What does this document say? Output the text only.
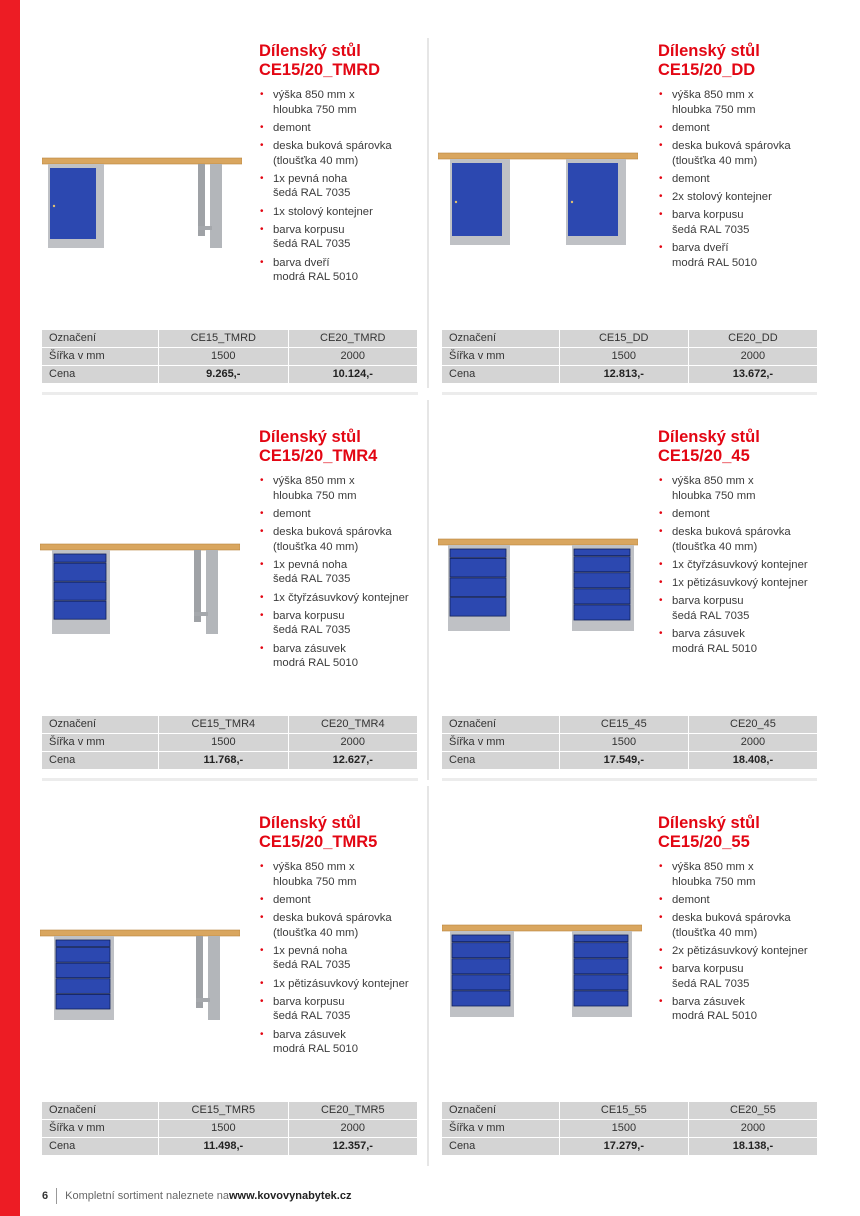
Dílenský stůl
CE15/20_TMRD
• výška 850 mm x
hloubka 750 mm
• demont
• deska buková spárovka
(tloušťka 40 mm)
• 1x pevná noha
šedá RAL 7035
• 1x stolový kontejner
• barva korpusu
šedá RAL 7035
• barva dveří
modrá RAL 5010
Dílenský stůl
CE15/20_DD
• výška 850 mm x
hloubka 750 mm
• demont
• deska buková spárovka
(tloušťka 40 mm)
• demont
• 2x stolový kontejner
• barva korpusu
šedá RAL 7035
• barva dveří
modrá RAL 5010
Dílenský stůl
CE15/20_TMR4
• výška 850 mm x
hloubka 750 mm
• demont
• deska buková spárovka
(tloušťka 40 mm)
• 1x pevná noha
šedá RAL 7035
• 1x čtyřzásuvkový kontejner
• barva korpusu
šedá RAL 7035
• barva zásuvek
modrá RAL 5010
Dílenský stůl
CE15/20_45
• výška 850 mm x
hloubka 750 mm
• demont
• deska buková spárovka
(tloušťka 40 mm)
• 1x čtyřzásuvkový kontejner
• 1x pětizásuvkový kontejner
• barva korpusu
šedá RAL 7035
• barva zásuvek
modrá RAL 5010
Dílenský stůl
CE15/20_TMR5
• výška 850 mm x
hloubka 750 mm
• demont
• deska buková spárovka
(tloušťka 40 mm)
• 1x pevná noha
šedá RAL 7035
• 1x pětizásuvkový kontejner
• barva korpusu
šedá RAL 7035
• barva zásuvek
modrá RAL 5010
Dílenský stůl
CE15/20_55
• výška 850 mm x
hloubka 750 mm
• demont
• deska buková spárovka
(tloušťka 40 mm)
• 2x pětizásuvkový kontejner
• barva korpusu
šedá RAL 7035
• barva zásuvek
modrá RAL 5010
6 Kompletní sortiment naleznete na www.kovovynabytek.cz
Označení	CE15_TMRD	CE20_TMRD
Šířka v mm	1500	2000
Cena	9.265,-	10.124,-
Označení	CE15_DD	CE20_DD
Šířka v mm	1500	2000
Cena	12.813,-	13.672,-
Označení	CE15_TMR4	CE20_TMR4
Šířka v mm	1500	2000
Cena	11.768,-	12.627,-
Označení	CE15_45	CE20_45
Šířka v mm	1500	2000
Cena	17.549,-	18.408,-
Označení	CE15_TMR5	CE20_TMR5
Šířka v mm	1500	2000
Cena	11.498,-	12.357,-
Označení	CE15_55	CE20_55
Šířka v mm	1500	2000
Cena	17.279,-	18.138,-
